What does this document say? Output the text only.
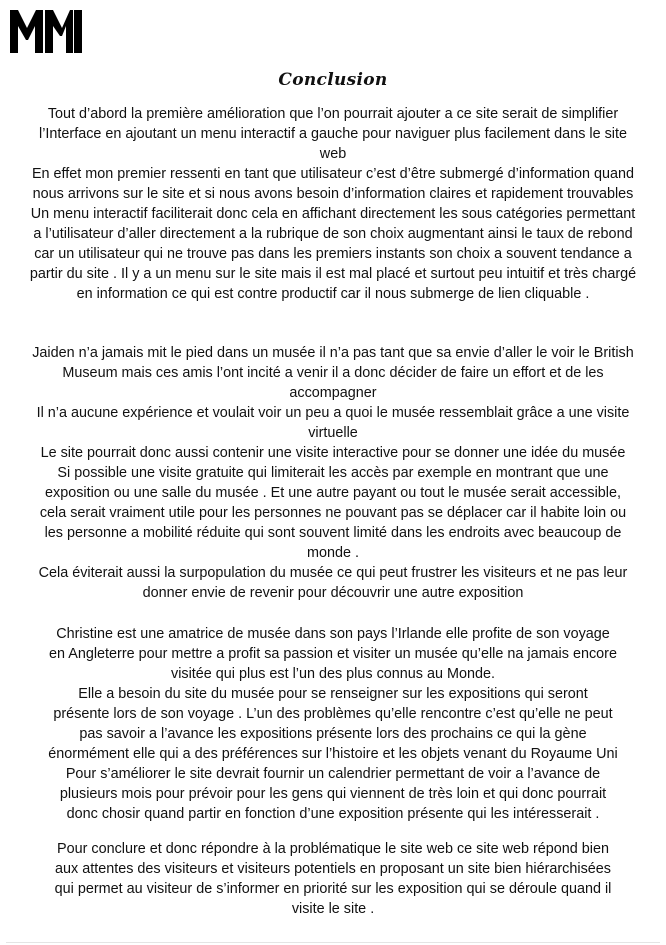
Conclusion
Tout d’abord la première amélioration que l’on pourrait ajouter a ce site serait de simplifier
l’Interface en ajoutant un menu interactif a gauche pour naviguer plus facilement dans le site
web
En effet mon premier ressenti en tant que utilisateur c’est d’être submergé d’information quand
nous arrivons sur le site et si nous avons besoin d’information claires et rapidement trouvables
Un menu interactif faciliterait donc cela en affichant directement les sous catégories permettant
a l’utilisateur d’aller directement a la rubrique de son choix augmentant ainsi le taux de rebond
car un utilisateur qui ne trouve pas dans les premiers instants son choix a souvent tendance a
partir du site . Il y a un menu sur le site mais il est mal placé et surtout peu intuitif et très chargé
en information ce qui est contre productif car il nous submerge de lien cliquable .
Jaiden n’a jamais mit le pied dans un musée il n’a pas tant que sa envie d’aller le voir le British
Museum mais ces amis l’ont incité a venir il a donc décider de faire un effort et de les
accompagner
Il n’a aucune expérience et voulait voir un peu a quoi le musée ressemblait grâce a une visite
virtuelle
Le site pourrait donc aussi contenir une visite interactive pour se donner une idée du musée
Si possible une visite gratuite qui limiterait les accès par exemple en montrant que une
exposition ou une salle du musée . Et une autre payant ou tout le musée serait accessible,
cela serait vraiment utile pour les personnes ne pouvant pas se déplacer car il habite loin ou
les personne a mobilité réduite qui sont souvent limité dans les endroits avec beaucoup de
monde .
Cela éviterait aussi la surpopulation du musée ce qui peut frustrer les visiteurs et ne pas leur
donner envie de revenir pour découvrir une autre exposition
Christine est une amatrice de musée dans son pays l’Irlande elle profite de son voyage
en Angleterre pour mettre a profit sa passion et visiter un musée qu’elle na jamais encore
visitée qui plus est l’un des plus connus au Monde.
Elle a besoin du site du musée pour se renseigner sur les expositions qui seront
présente lors de son voyage . L’un des problèmes qu’elle rencontre c’est qu’elle ne peut
pas savoir a l’avance les expositions présente lors des prochains ce qui la gène
énormément elle qui a des préférences sur l’histoire et les objets venant du Royaume Uni
Pour s’améliorer le site devrait fournir un calendrier permettant de voir a l’avance de
plusieurs mois pour prévoir pour les gens qui viennent de très loin et qui donc pourrait
donc chosir quand partir en fonction d’une exposition présente qui les intéresserait .
Pour conclure et donc répondre à la problématique le site web ce site web répond bien
aux attentes des visiteurs et visiteurs potentiels en proposant un site bien hiérarchisées
qui permet au visiteur de s’informer en priorité sur les exposition qui se déroule quand il
visite le site .
